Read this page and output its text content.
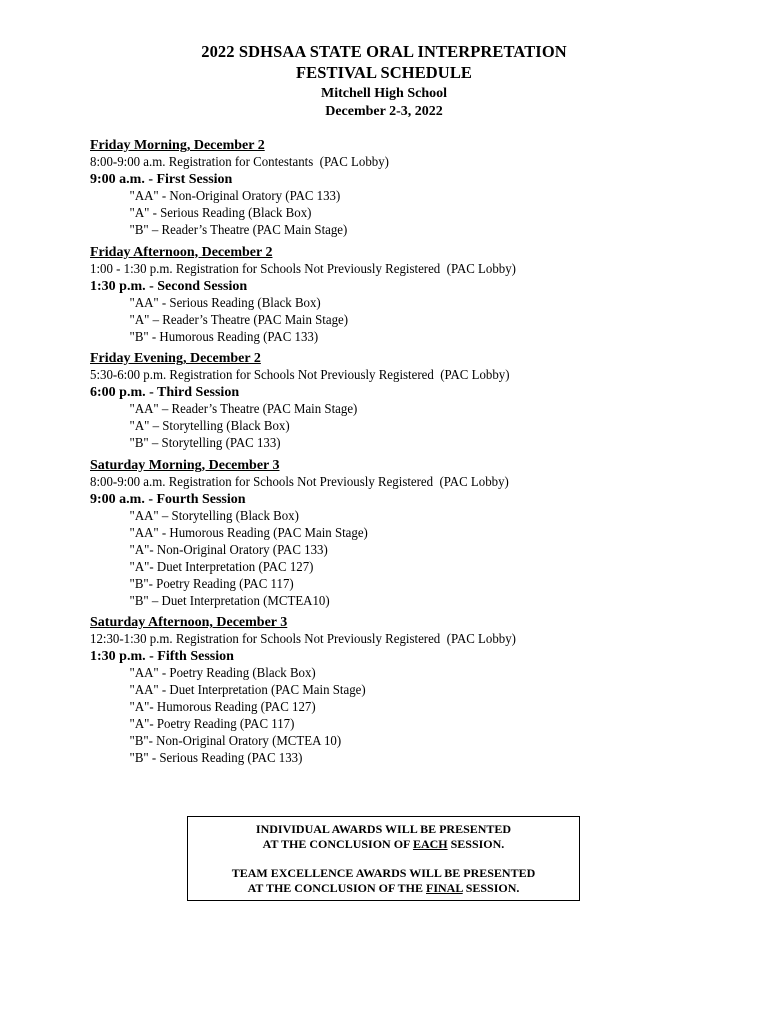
2022 SDHSAA STATE ORAL INTERPRETATION
FESTIVAL SCHEDULE
Mitchell High School
December 2-3, 2022
Friday Morning, December 2
8:00-9:00 a.m. Registration for Contestants  (PAC Lobby)
9:00 a.m. - First Session
"AA" - Non-Original Oratory (PAC 133)
"A" - Serious Reading (Black Box)
"B" – Reader’s Theatre (PAC Main Stage)
Friday Afternoon, December 2
1:00 - 1:30 p.m. Registration for Schools Not Previously Registered  (PAC Lobby)
1:30 p.m. - Second Session
"AA" - Serious Reading (Black Box)
"A" – Reader’s Theatre (PAC Main Stage)
"B" - Humorous Reading (PAC 133)
Friday Evening, December 2
5:30-6:00 p.m. Registration for Schools Not Previously Registered  (PAC Lobby)
6:00 p.m. - Third Session
"AA" – Reader’s Theatre (PAC Main Stage)
"A" – Storytelling (Black Box)
"B" – Storytelling (PAC 133)
Saturday Morning, December 3
8:00-9:00 a.m. Registration for Schools Not Previously Registered  (PAC Lobby)
9:00 a.m. - Fourth Session
"AA" – Storytelling (Black Box)
"AA" - Humorous Reading (PAC Main Stage)
"A"- Non-Original Oratory (PAC 133)
"A"- Duet Interpretation (PAC 127)
"B"- Poetry Reading (PAC 117)
"B" – Duet Interpretation (MCTEA10)
Saturday Afternoon, December 3
12:30-1:30 p.m. Registration for Schools Not Previously Registered  (PAC Lobby)
1:30 p.m. - Fifth Session
"AA" - Poetry Reading (Black Box)
"AA" - Duet Interpretation (PAC Main Stage)
"A"- Humorous Reading (PAC 127)
"A"- Poetry Reading (PAC 117)
"B"- Non-Original Oratory (MCTEA 10)
"B" - Serious Reading (PAC 133)
INDIVIDUAL AWARDS WILL BE PRESENTED
AT THE CONCLUSION OF EACH SESSION.
TEAM EXCELLENCE AWARDS WILL BE PRESENTED
AT THE CONCLUSION OF THE FINAL SESSION.
